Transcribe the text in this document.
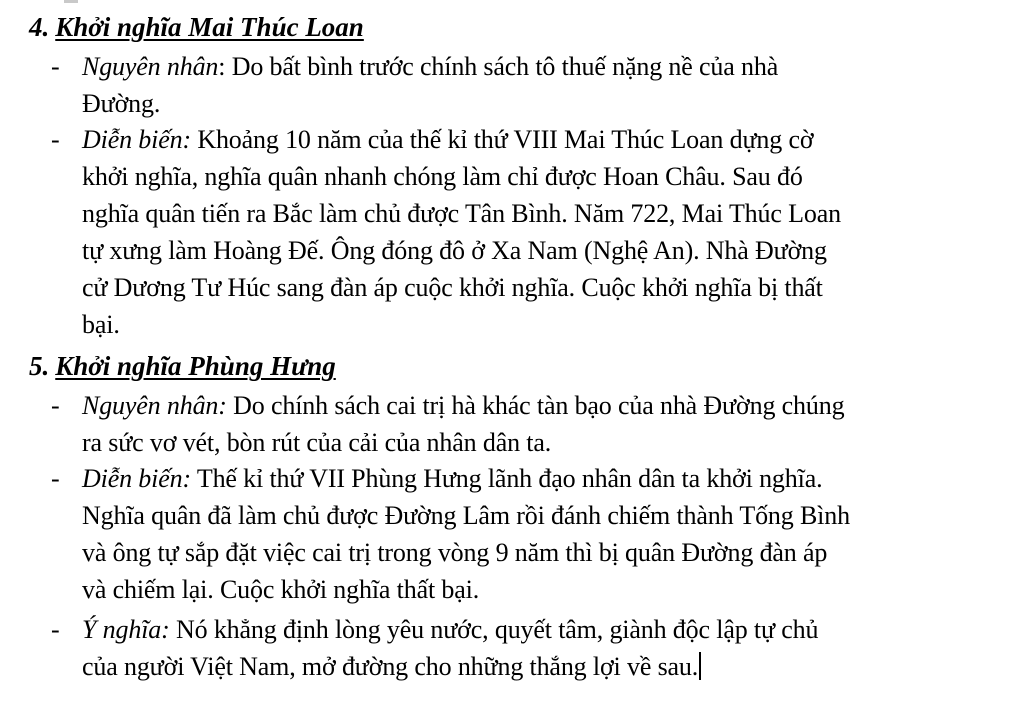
4. Khởi nghĩa Mai Thúc Loan
- Nguyên nhân: Do bất bình trước chính sách tô thuế nặng nề của nhà
Đường.
- Diễn biến: Khoảng 10 năm của thế kỉ thứ VIII Mai Thúc Loan dựng cờ
khởi nghĩa, nghĩa quân nhanh chóng làm chỉ được Hoan Châu. Sau đó
nghĩa quân tiến ra Bắc làm chủ được Tân Bình. Năm 722, Mai Thúc Loan
tự xưng làm Hoàng Đế. Ông đóng đô ở Xa Nam (Nghệ An). Nhà Đường
cử Dương Tư Húc sang đàn áp cuộc khởi nghĩa. Cuộc khởi nghĩa bị thất
bại.
5. Khởi nghĩa Phùng Hưng
- Nguyên nhân: Do chính sách cai trị hà khác tàn bạo của nhà Đường chúng
ra sức vơ vét, bòn rút của cải của nhân dân ta.
- Diễn biến: Thế kỉ thứ VII Phùng Hưng lãnh đạo nhân dân ta khởi nghĩa.
Nghĩa quân đã làm chủ được Đường Lâm rồi đánh chiếm thành Tống Bình
và ông tự sắp đặt việc cai trị trong vòng 9 năm thì bị quân Đường đàn áp
và chiếm lại. Cuộc khởi nghĩa thất bại.
- Ý nghĩa: Nó khẳng định lòng yêu nước, quyết tâm, giành độc lập tự chủ
của người Việt Nam, mở đường cho những thắng lợi về sau.
